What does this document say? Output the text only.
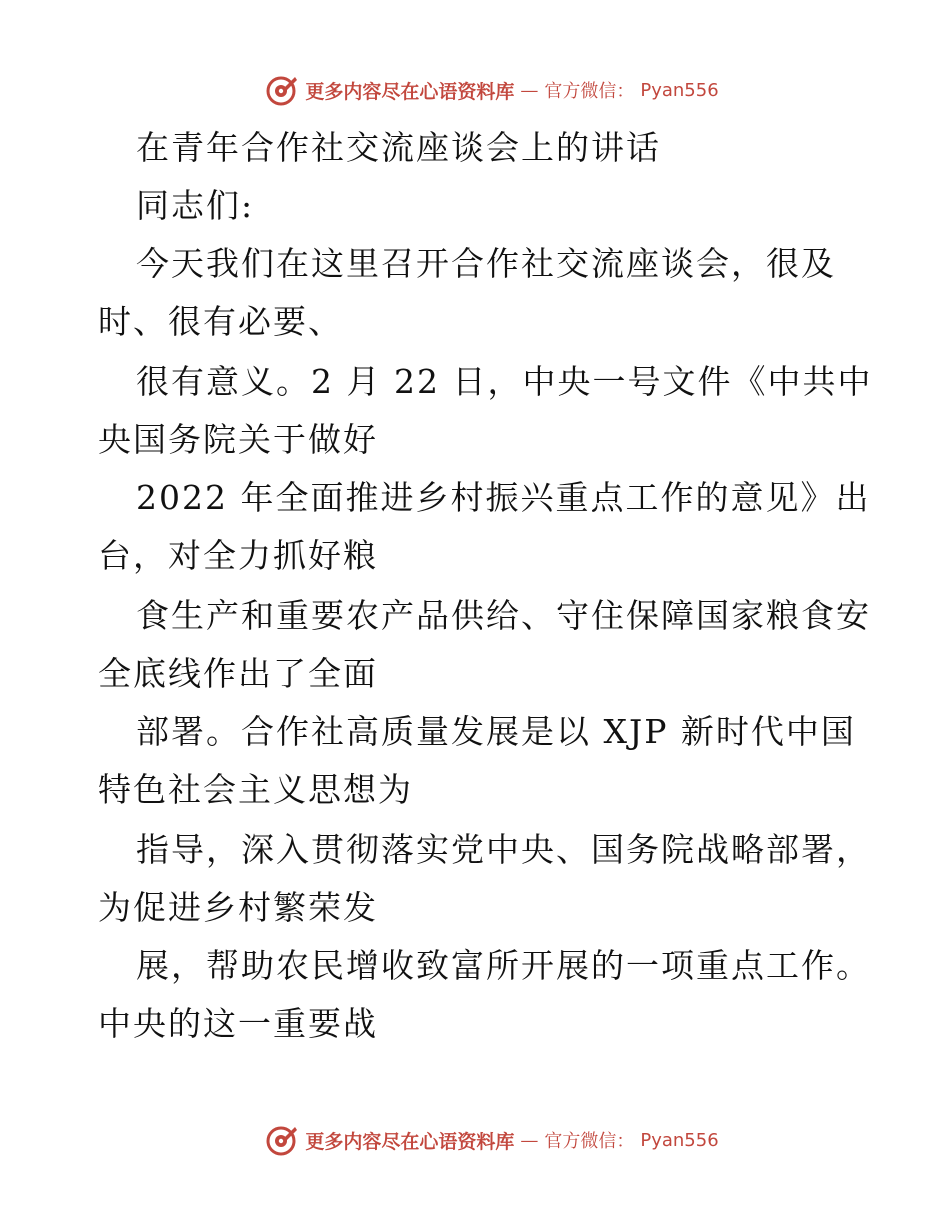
更多内容尽在心语资料库 — 官方微信： Pyan556
在青年合作社交流座谈会上的讲话
同志们:
今天我们在这里召开合作社交流座谈会，很及
时、很有必要、
很有意义。2 月 22 日，中央一号文件《中共中
央国务院关于做好
2022 年全面推进乡村振兴重点工作的意见》出
台，对全力抓好粮
食生产和重要农产品供给、守住保障国家粮食安
全底线作出了全面
部署。合作社高质量发展是以 XJP 新时代中国
特色社会主义思想为
指导，深入贯彻落实党中央、国务院战略部署，
为促进乡村繁荣发
展，帮助农民增收致富所开展的一项重点工作。
中央的这一重要战
更多内容尽在心语资料库 — 官方微信： Pyan556
